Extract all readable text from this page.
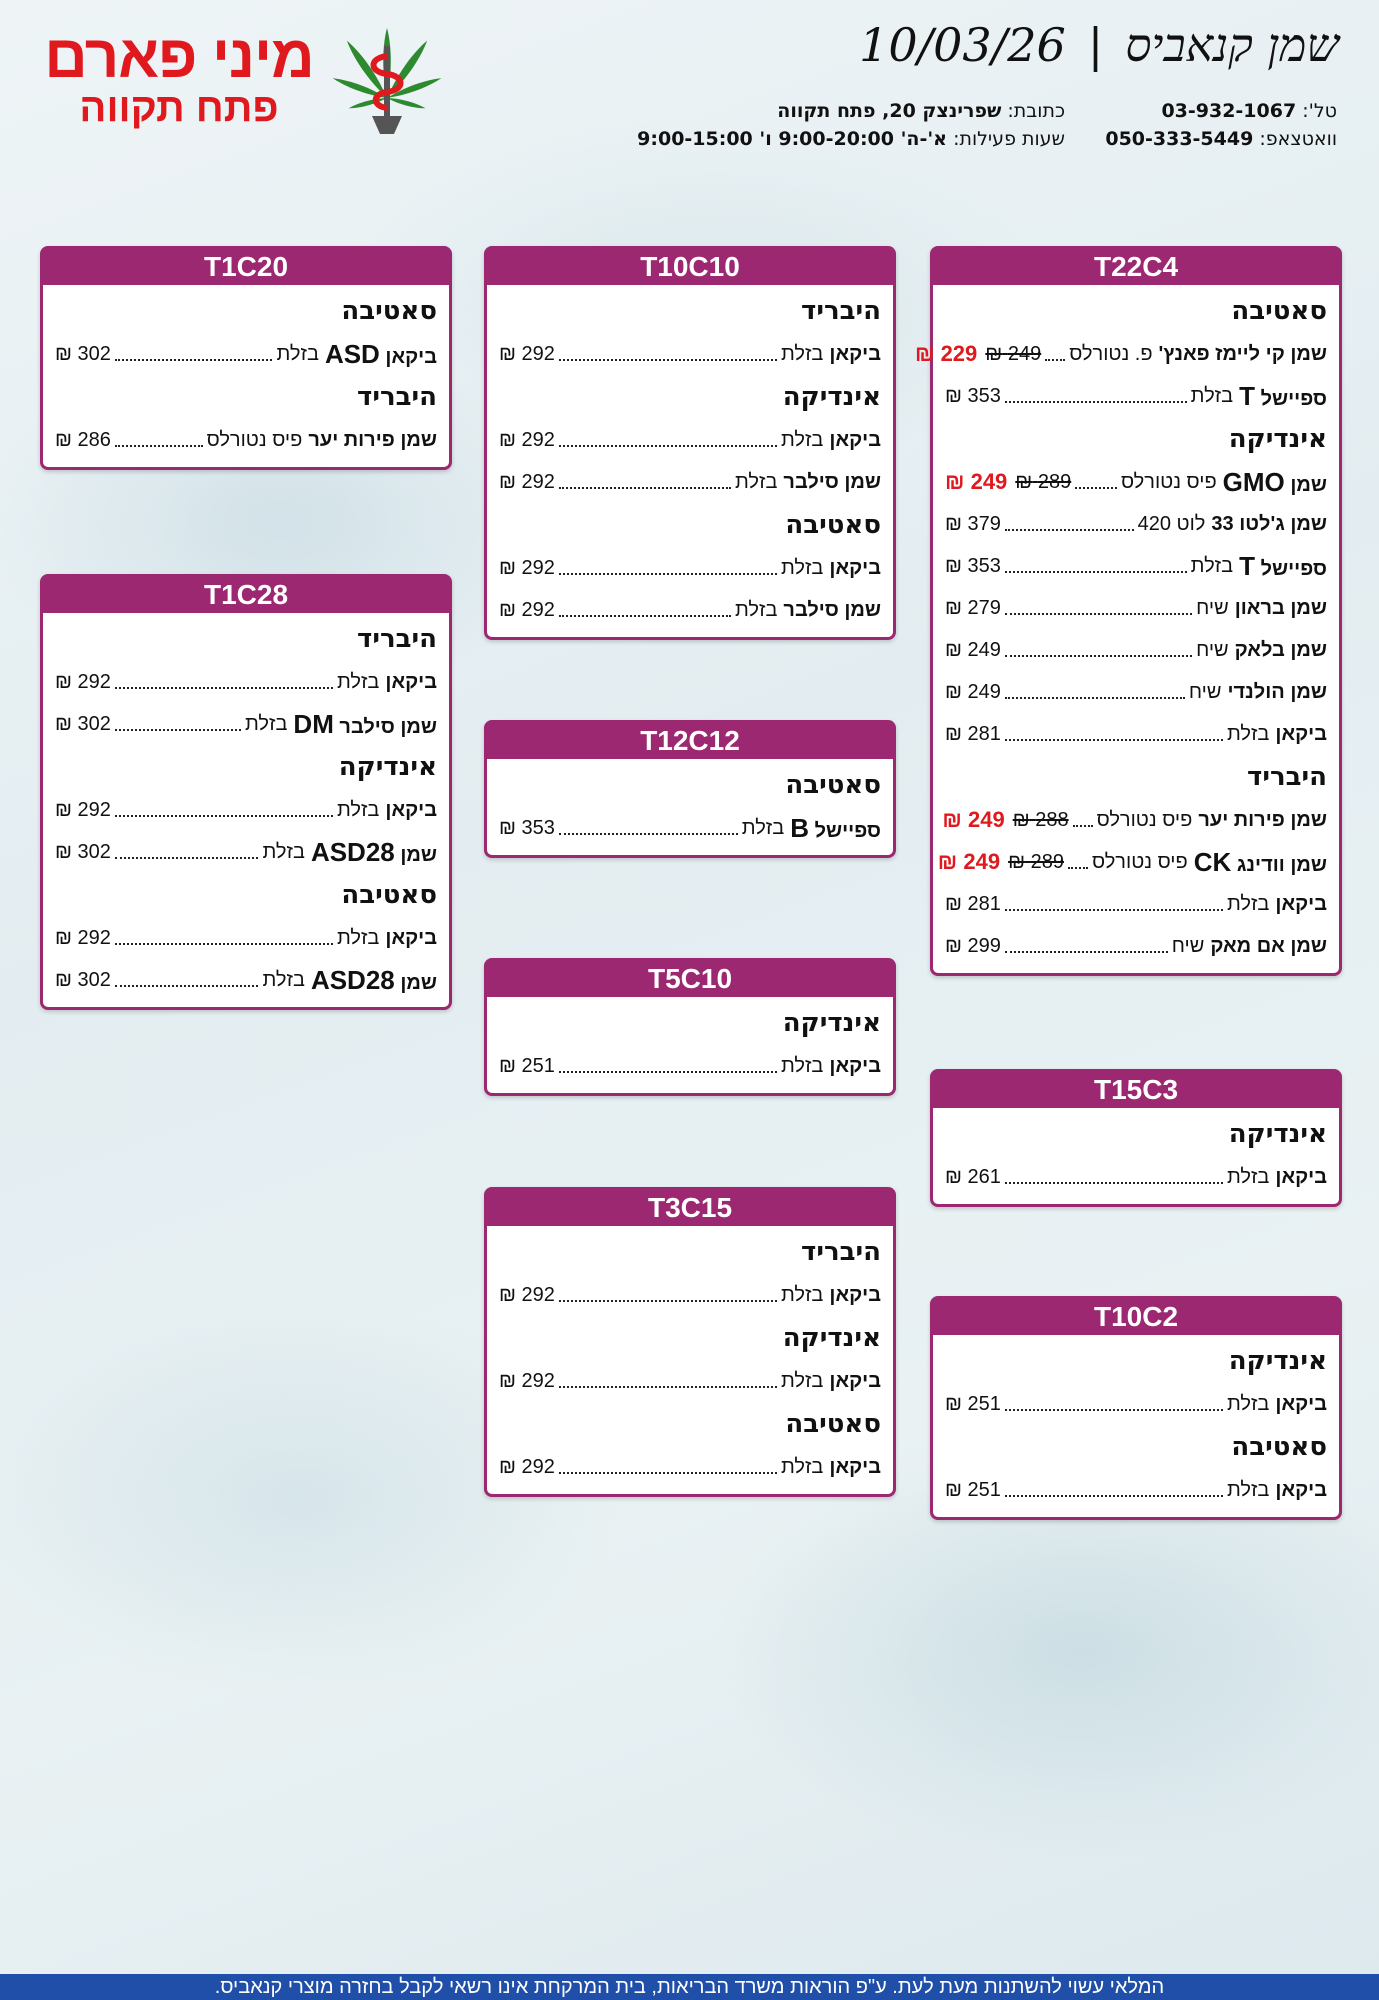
שמן קנאביס|10/03/26
טל': 03-932-1067
וואטצאפ: 050-333-5449
כתובת: שפרינצק 20, פתח תקווה
שעות פעילות: א'-ה' 9:00-20:00 ו' 9:00-15:00
מיני פארם
פתח תקווה
T22C4
סאטיבה
שמן קי ליימז פאנץ'
פ. נטורלס
249 ₪
229 ₪
ספיישל T
בזלת
353 ₪
אינדיקה
שמן GMO
פיס נטורלס
289 ₪
249 ₪
שמן ג'לטו 33
לוט 420
379 ₪
ספיישל T
בזלת
353 ₪
שמן בראון
שיח
279 ₪
שמן בלאק
שיח
249 ₪
שמן הולנדי
שיח
249 ₪
ביקאן
בזלת
281 ₪
היבריד
שמן פירות יער
פיס נטורלס
288 ₪
249 ₪
שמן וודינג CK
פיס נטורלס
289 ₪
249 ₪
ביקאן
בזלת
281 ₪
שמן אם מאק
שיח
299 ₪
T15C3
אינדיקה
ביקאן
בזלת
261 ₪
T10C2
אינדיקה
ביקאן
בזלת
251 ₪
סאטיבה
ביקאן
בזלת
251 ₪
T10C10
היבריד
ביקאן
בזלת
292 ₪
אינדיקה
ביקאן
בזלת
292 ₪
שמן סילבר
בזלת
292 ₪
סאטיבה
ביקאן
בזלת
292 ₪
שמן סילבר
בזלת
292 ₪
T12C12
סאטיבה
ספיישל B
בזלת
353 ₪
T5C10
אינדיקה
ביקאן
בזלת
251 ₪
T3C15
היבריד
ביקאן
בזלת
292 ₪
אינדיקה
ביקאן
בזלת
292 ₪
סאטיבה
ביקאן
בזלת
292 ₪
T1C20
סאטיבה
ביקאן ASD
בזלת
302 ₪
היבריד
שמן פירות יער
פיס נטורלס
286 ₪
T1C28
היבריד
ביקאן
בזלת
292 ₪
שמן סילבר DM
בזלת
302 ₪
אינדיקה
ביקאן
בזלת
292 ₪
שמן ASD28
בזלת
302 ₪
סאטיבה
ביקאן
בזלת
292 ₪
שמן ASD28
בזלת
302 ₪
המלאי עשוי להשתנות מעת לעת. ע"פ הוראות משרד הבריאות, בית המרקחת אינו רשאי לקבל בחזרה מוצרי קנאביס.
